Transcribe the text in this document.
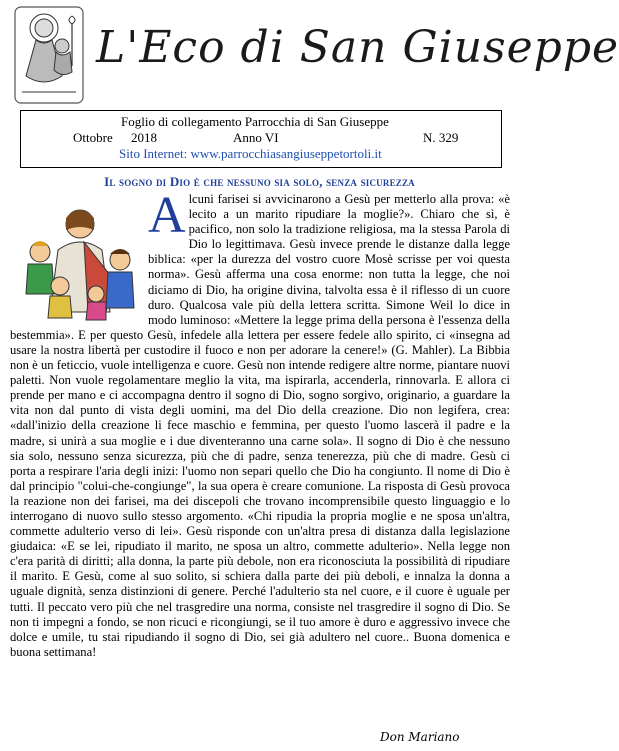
L'Eco di San Giuseppe
Foglio di collegamento Parrocchia di San Giuseppe
Ottobre 2018	Anno VI	N. 329
Sito Internet: www.parrocchiasangiuseppetortoli.it
Il sogno di Dio è che nessuno sia solo, senza sicurezza
A lcuni farisei si avvicinarono a Gesù per metterlo alla prova: «è lecito a un marito ripudiare la moglie?». Chiaro che sì, è pacifico, non solo la tradizione religiosa, ma la stessa Parola di Dio lo legittimava. Gesù invece prende le distanze dalla legge biblica: «per la durezza del vostro cuore Mosè scrisse per voi questa norma». Gesù afferma una cosa enorme: non tutta la legge, che noi diciamo di Dio, ha origine divina, talvolta essa è il riflesso di un cuore duro. Qualcosa vale più della lettera scritta. Simone Weil lo dice in modo luminoso: «Mettere la legge prima della persona è l'essenza della bestemmia». E per questo Gesù, infedele alla lettera per essere fedele allo spirito, ci «insegna ad usare la nostra libertà per custodire il fuoco e non per adorare la cenere!» (G. Mahler). La Bibbia non è un feticcio, vuole intelligenza e cuore. Gesù non intende redigere altre norme, piantare nuovi paletti. Non vuole regolamentare meglio la vita, ma ispirarla, accenderla, rinnovarla. E allora ci prende per mano e ci accompagna dentro il sogno di Dio, sogno sorgivo, originario, a guardare la vita non dal punto di vista degli uomini, ma del Dio della creazione. Dio non legifera, crea: «dall'inizio della creazione li fece maschio e femmina, per questo l'uomo lascerà il padre e la madre, si unirà a sua moglie e i due diventeranno una carne sola». Il sogno di Dio è che nessuno sia solo, nessuno senza sicurezza, più che di padre, senza tenerezza, più che di madre. Gesù ci porta a respirare l'aria degli inizi: l'uomo non separi quello che Dio ha congiunto. Il nome di Dio è dal principio "colui-che-congiunge", la sua opera è creare comunione. La risposta di Gesù provoca la reazione non dei farisei, ma dei discepoli che trovano incomprensibile questo linguaggio e lo interrogano di nuovo sullo stesso argomento. «Chi ripudia la propria moglie e ne sposa un'altra, commette adulterio verso di lei». Gesù risponde con un'altra presa di distanza dalla legislazione giudaica: «E se lei, ripudiato il marito, ne sposa un altro, commette adulterio». Nella legge non c'era parità di diritti; alla donna, la parte più debole, non era riconosciuta la possibilità di ripudiare il marito. E Gesù, come al suo solito, si schiera dalla parte dei più deboli, e innalza la donna a uguale dignità, senza distinzioni di genere. Perché l'adulterio sta nel cuore, e il cuore è uguale per tutti. Il peccato vero più che nel trasgredire una norma, consiste nel trasgredire il sogno di Dio. Se non ti impegni a fondo, se non ricuci e ricongiungi, se il tuo amore è duro e aggressivo invece che dolce e umile, tu stai ripudiando il sogno di Dio, sei già adultero nel cuore.. Buona domenica e buona settimana!
Don Mariano
